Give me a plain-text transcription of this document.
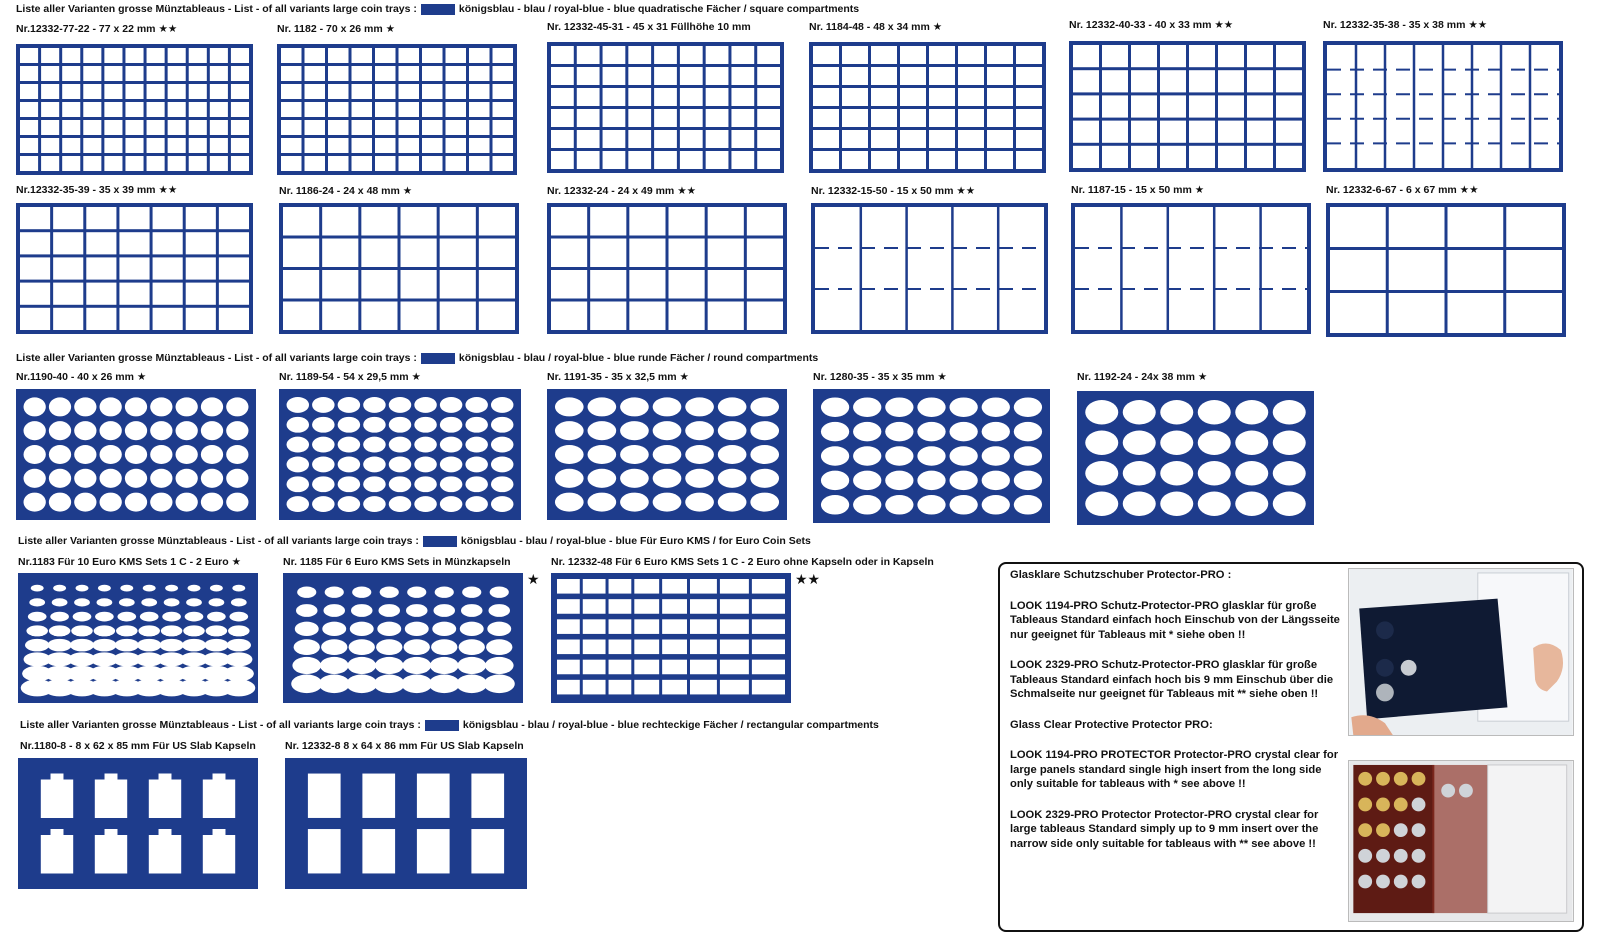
Liste aller Varianten grosse Münztableaus - List - of all variants large coin trays :	königsblau - blau / royal-blue - blue quadratische Fächer / square compartments
Liste aller Varianten grosse Münztableaus - List - of all variants large coin trays :	königsblau - blau / royal-blue - blue runde Fächer / round compartments
Liste aller Varianten grosse Münztableaus - List - of all variants large coin trays :	königsblau - blau / royal-blue - blue Für Euro KMS / for Euro Coin Sets
Liste aller Varianten grosse Münztableaus - List - of all variants large coin trays :	königsblau - blau / royal-blue - blue rechteckige Fächer / rectangular compartments
Nr.12332-77-22 - 77 x 22 mm ★★	Nr. 1182 - 70 x 26 mm ★	Nr. 12332-45-31 - 45 x 31 Füllhöhe 10 mm	Nr. 1184-48 - 48 x 34 mm ★	Nr. 12332-40-33 - 40 x 33 mm ★★	Nr. 12332-35-38 - 35 x 38 mm ★★
Nr.12332-35-39 - 35 x 39 mm ★★	Nr. 1186-24 - 24 x 48 mm ★	Nr. 12332-24 - 24 x 49 mm ★★	Nr. 12332-15-50 - 15 x 50 mm ★★	Nr. 1187-15 - 15 x 50 mm ★	Nr. 12332-6-67 - 6 x 67 mm ★★
Nr.1190-40 - 40 x 26 mm ★	Nr. 1189-54 - 54 x 29,5 mm ★	Nr. 1191-35 - 35 x 32,5 mm ★	Nr. 1280-35 - 35 x 35 mm ★	Nr. 1192-24 - 24x 38 mm ★
Nr.1183 Für 10 Euro KMS Sets 1 C - 2 Euro ★	Nr. 1185 Für 6 Euro KMS Sets in Münzkapseln
★
Nr. 12332-48 Für 6 Euro KMS Sets 1 C - 2 Euro ohne Kapseln oder in Kapseln
★★
Nr.1180-8 - 8 x 62 x 85 mm Für US Slab Kapseln	Nr. 12332-8 8 x 64 x 86 mm Für US Slab Kapseln

Glasklare Schutzschuber Protector-PRO :

LOOK 1194-PRO Schutz-Protector-PRO glasklar für große Tableaus Standard einfach hoch Einschub von der Längsseite nur geeignet für Tableaus mit * siehe oben !!

LOOK 2329-PRO Schutz-Protector-PRO glasklar für große Tableaus Standard einfach hoch bis 9 mm Einschub über die Schmalseite nur geeignet für Tableaus mit ** siehe oben !!

Glass Clear Protective Protector PRO:

LOOK 1194-PRO PROTECTOR Protector-PRO crystal clear for large panels standard single high insert from the long side only suitable for tableaus with * see above !!

LOOK 2329-PRO Protector Protector-PRO crystal clear for large tableaus Standard simply up to 9 mm insert over the narrow side only suitable for tableaus with ** see above !!
